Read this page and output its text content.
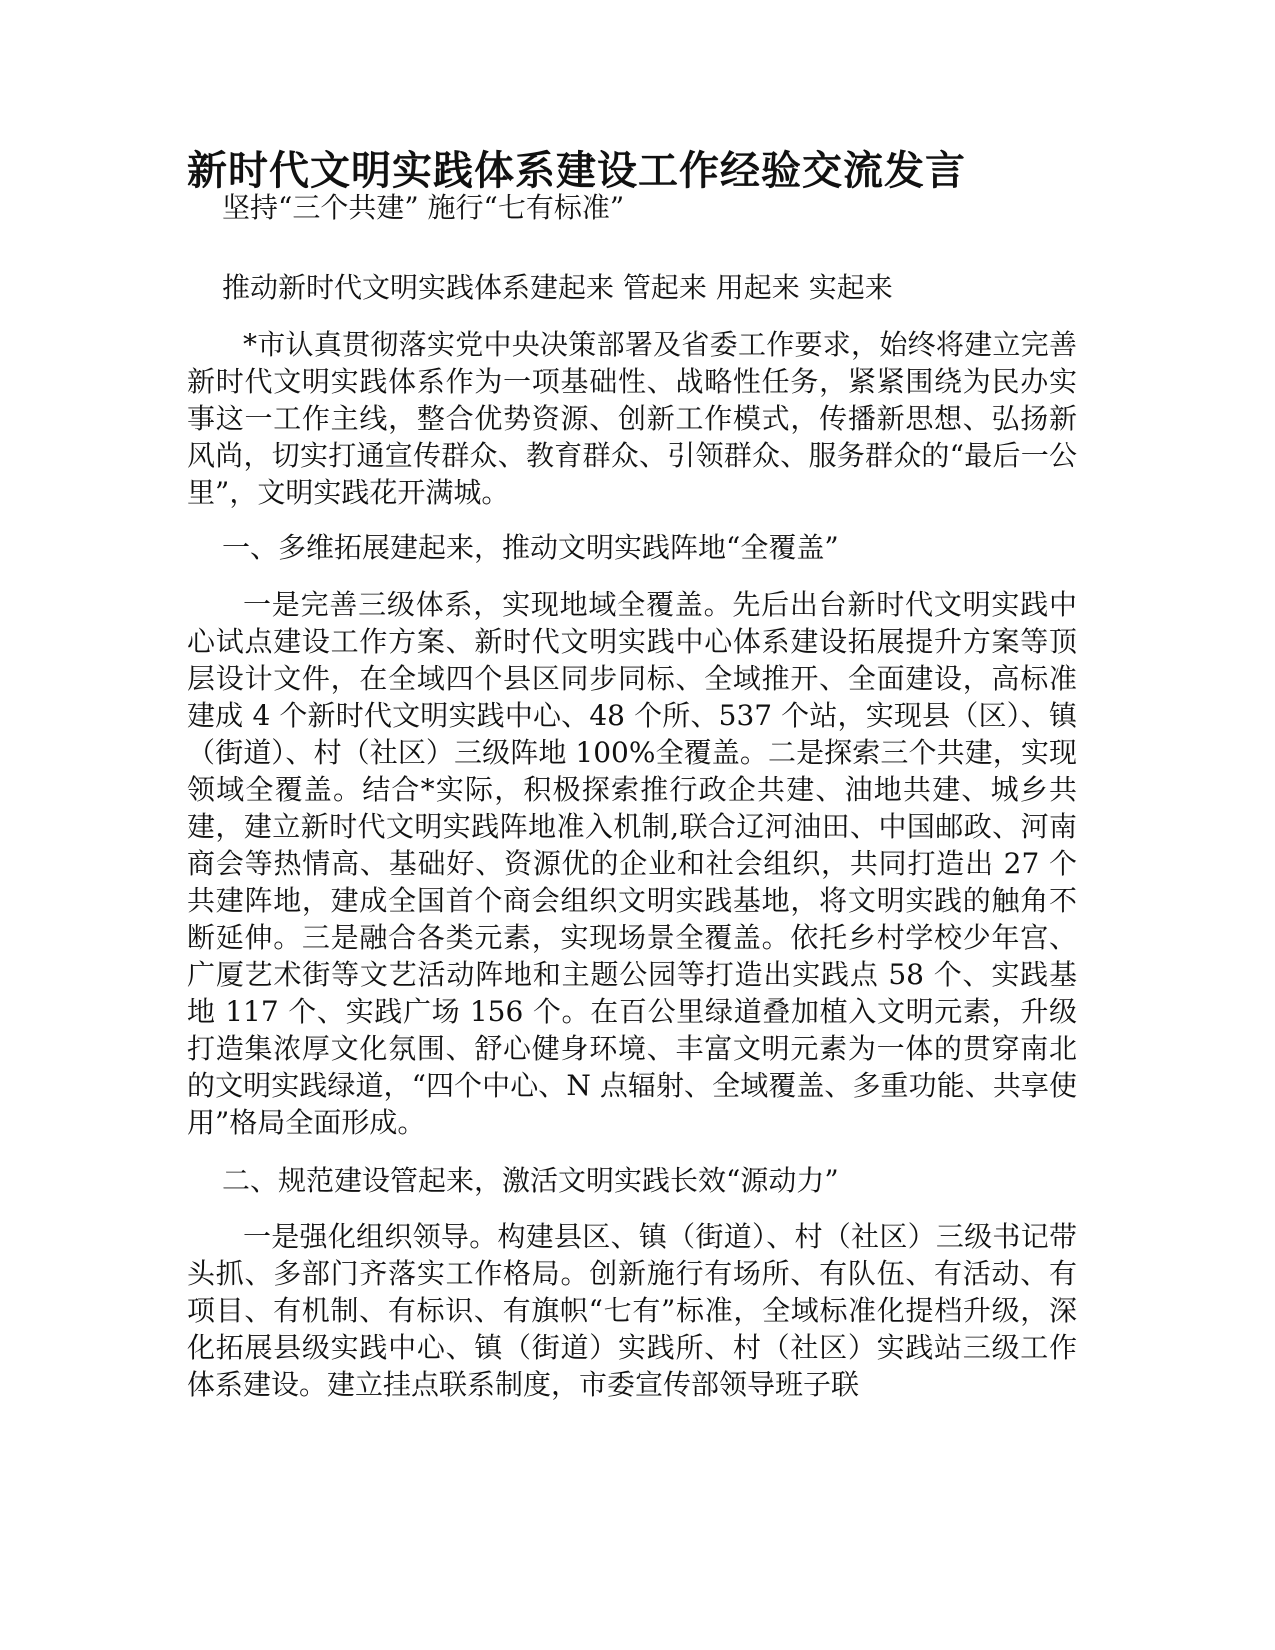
新时代文明实践体系建设工作经验交流发言
坚持“三个共建” 施行“七有标准”
推动新时代文明实践体系建起来 管起来 用起来 实起来

*市认真贯彻落实党中央决策部署及省委工作要求，始终将建立完善新时代文明实践体系作为一项基础性、战略性任务，紧紧围绕为民办实事这一工作主线，整合优势资源、创新工作模式，传播新思想、弘扬新风尚，切实打通宣传群众、教育群众、引领群众、服务群众的“最后一公里”，文明实践花开满城。

一、多维拓展建起来，推动文明实践阵地“全覆盖”

一是完善三级体系，实现地域全覆盖。先后出台新时代文明实践中心试点建设工作方案、新时代文明实践中心体系建设拓展提升方案等顶层设计文件，在全域四个县区同步同标、全域推开、全面建设，高标准建成 4 个新时代文明实践中心、48 个所、537 个站，实现县（区）、镇（街道）、村（社区）三级阵地 100%全覆盖。二是探索三个共建，实现领域全覆盖。结合*实际，积极探索推行政企共建、油地共建、城乡共建，建立新时代文明实践阵地准入机制,联合辽河油田、中国邮政、河南商会等热情高、基础好、资源优的企业和社会组织，共同打造出 27 个共建阵地，建成全国首个商会组织文明实践基地，将文明实践的触角不断延伸。三是融合各类元素，实现场景全覆盖。依托乡村学校少年宫、广厦艺术街等文艺活动阵地和主题公园等打造出实践点 58 个、实践基地 117 个、实践广场 156 个。在百公里绿道叠加植入文明元素，升级打造集浓厚文化氛围、舒心健身环境、丰富文明元素为一体的贯穿南北的文明实践绿道，“四个中心、N 点辐射、全域覆盖、多重功能、共享使用”格局全面形成。

二、规范建设管起来，激活文明实践长效“源动力”

一是强化组织领导。构建县区、镇（街道）、村（社区）三级书记带头抓、多部门齐落实工作格局。创新施行有场所、有队伍、有活动、有项目、有机制、有标识、有旗帜“七有”标准，全域标准化提档升级，深化拓展县级实践中心、镇（街道）实践所、村（社区）实践站三级工作体系建设。建立挂点联系制度，市委宣传部领导班子联
